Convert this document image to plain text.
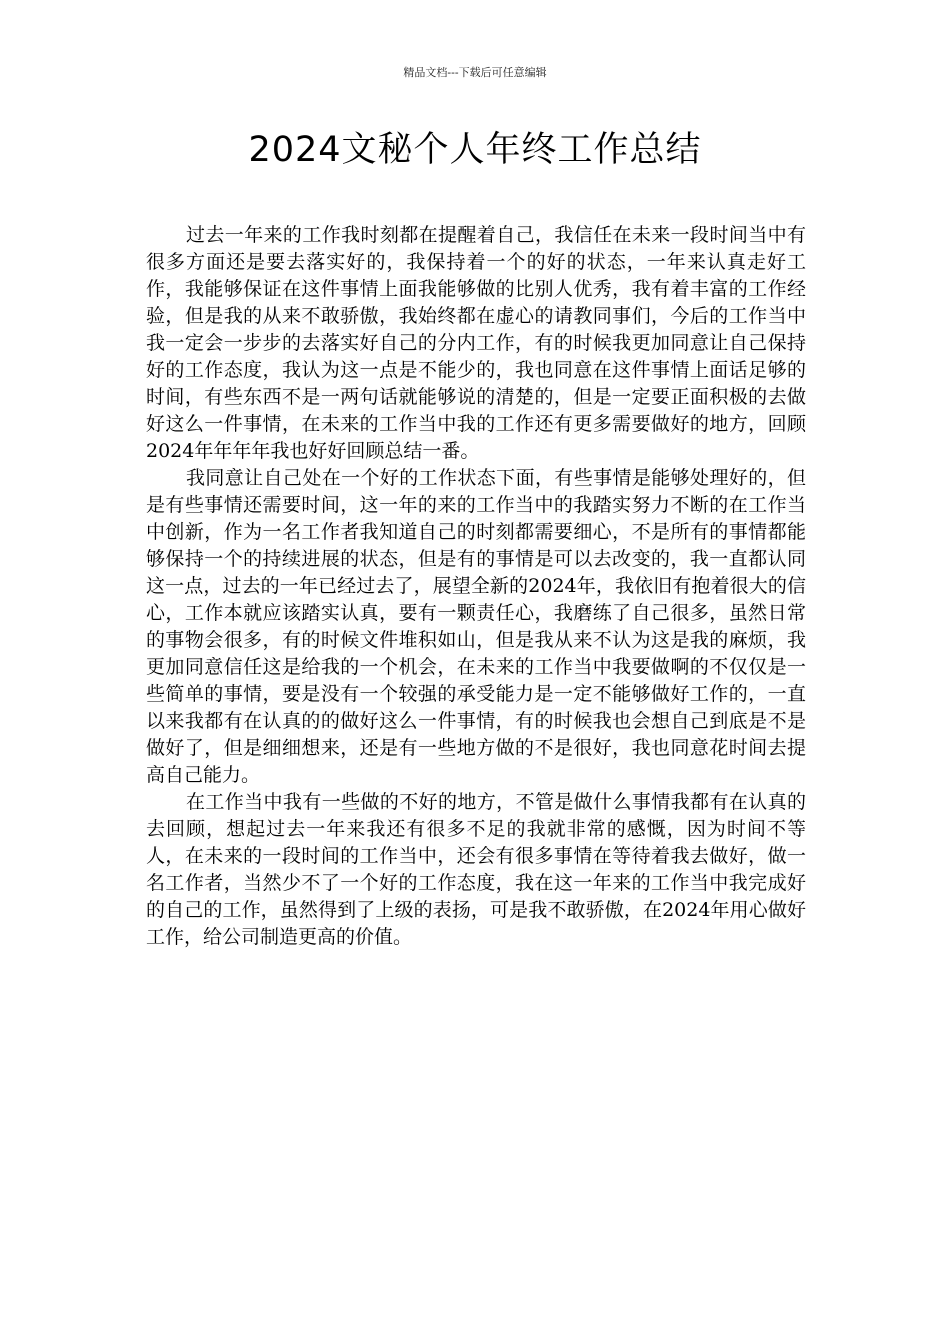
精品文档---下载后可任意编辑
2024文秘个人年终工作总结

过去一年来的工作我时刻都在提醒着自己，我信任在未来一段时间当中有很多方面还是要去落实好的，我保持着一个的好的状态，一年来认真走好工作，我能够保证在这件事情上面我能够做的比别人优秀，我有着丰富的工作经验，但是我的从来不敢骄傲，我始终都在虚心的请教同事们，今后的工作当中我一定会一步步的去落实好自己的分内工作，有的时候我更加同意让自己保持好的工作态度，我认为这一点是不能少的，我也同意在这件事情上面话足够的时间，有些东西不是一两句话就能够说的清楚的，但是一定要正面积极的去做好这么一件事情，在未来的工作当中我的工作还有更多需要做好的地方，回顾2024年年年年我也好好回顾总结一番。

我同意让自己处在一个好的工作状态下面，有些事情是能够处理好的，但是有些事情还需要时间，这一年的来的工作当中的我踏实努力不断的在工作当中创新，作为一名工作者我知道自己的时刻都需要细心，不是所有的事情都能够保持一个的持续进展的状态，但是有的事情是可以去改变的，我一直都认同这一点，过去的一年已经过去了，展望全新的2024年，我依旧有抱着很大的信心，工作本就应该踏实认真，要有一颗责任心，我磨练了自己很多，虽然日常的事物会很多，有的时候文件堆积如山，但是我从来不认为这是我的麻烦，我更加同意信任这是给我的一个机会，在未来的工作当中我要做啊的不仅仅是一些简单的事情，要是没有一个较强的承受能力是一定不能够做好工作的，一直以来我都有在认真的的做好这么一件事情，有的时候我也会想自己到底是不是做好了，但是细细想来，还是有一些地方做的不是很好，我也同意花时间去提高自己能力。

在工作当中我有一些做的不好的地方，不管是做什么事情我都有在认真的去回顾，想起过去一年来我还有很多不足的我就非常的感慨，因为时间不等人，在未来的一段时间的工作当中，还会有很多事情在等待着我去做好，做一名工作者，当然少不了一个好的工作态度，我在这一年来的工作当中我完成好的自己的工作，虽然得到了上级的表扬，可是我不敢骄傲，在2024年用心做好工作，给公司制造更高的价值。
